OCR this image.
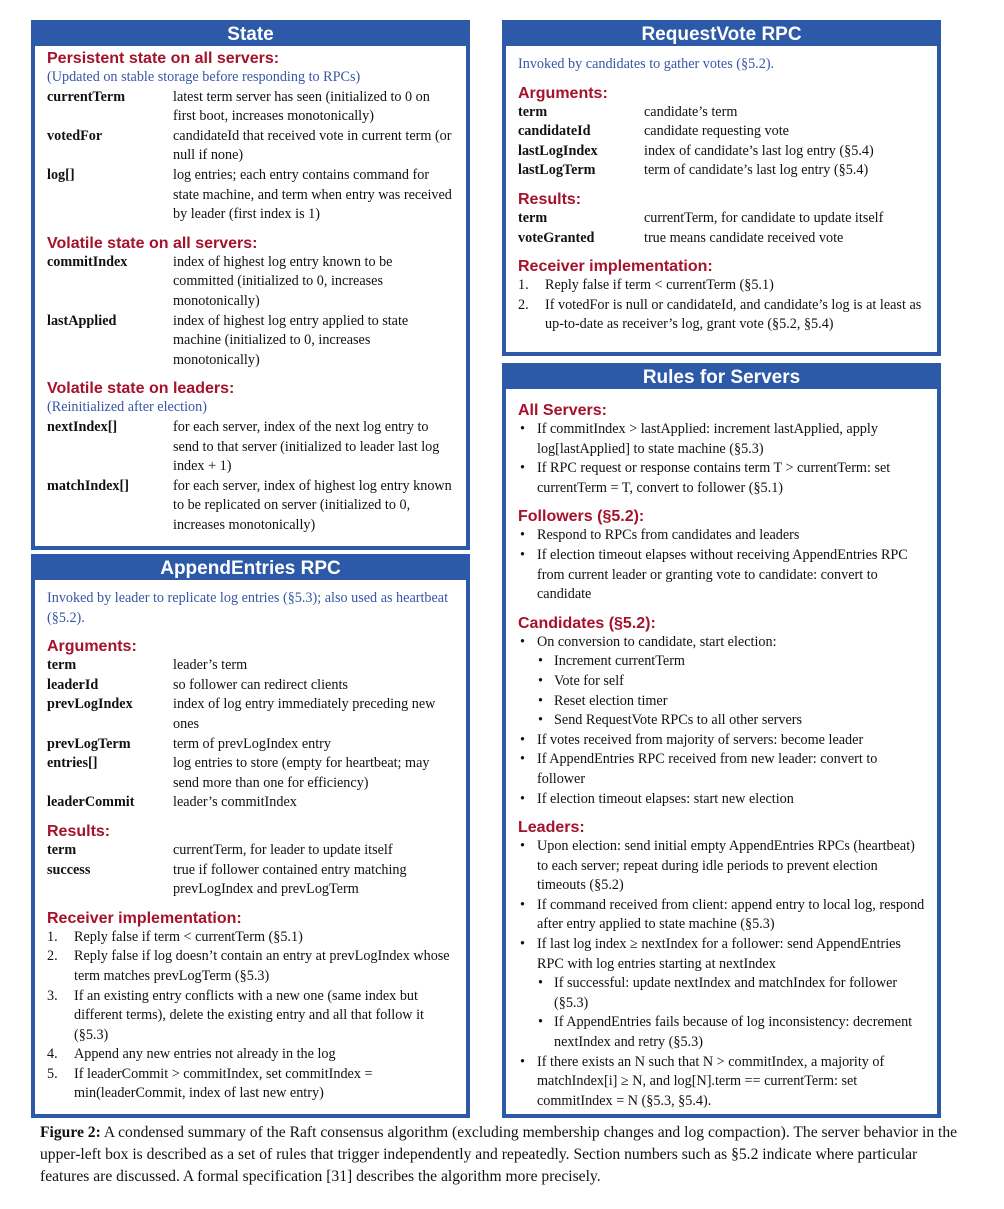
State
Persistent state on all servers:
(Updated on stable storage before responding to RPCs)
currentTerm	latest term server has seen (initialized to 0 on first boot, increases monotonically)
votedFor	candidateId that received vote in current term (or null if none)
log[]	log entries; each entry contains command for state machine, and term when entry was received by leader (first index is 1)
Volatile state on all servers:
commitIndex	index of highest log entry known to be committed (initialized to 0, increases monotonically)
lastApplied	index of highest log entry applied to state machine (initialized to 0, increases monotonically)
Volatile state on leaders:
(Reinitialized after election)
nextIndex[]	for each server, index of the next log entry to send to that server (initialized to leader last log index + 1)
matchIndex[]	for each server, index of highest log entry known to be replicated on server (initialized to 0, increases monotonically)
AppendEntries RPC
Invoked by leader to replicate log entries (§5.3); also used as heartbeat (§5.2).
Arguments:
term	leader’s term
leaderId	so follower can redirect clients
prevLogIndex	index of log entry immediately preceding new ones
prevLogTerm	term of prevLogIndex entry
entries[]	log entries to store (empty for heartbeat; may send more than one for efficiency)
leaderCommit	leader’s commitIndex
Results:
term	currentTerm, for leader to update itself
success	true if follower contained entry matching prevLogIndex and prevLogTerm
Receiver implementation:
1.	Reply false if term < currentTerm (§5.1)
2.	Reply false if log doesn’t contain an entry at prevLogIndex whose term matches prevLogTerm (§5.3)
3.	If an existing entry conflicts with a new one (same index but different terms), delete the existing entry and all that follow it (§5.3)
4.	Append any new entries not already in the log
5.	If leaderCommit > commitIndex, set commitIndex = min(leaderCommit, index of last new entry)
RequestVote RPC
Invoked by candidates to gather votes (§5.2).
Arguments:
term	candidate’s term
candidateId	candidate requesting vote
lastLogIndex	index of candidate’s last log entry (§5.4)
lastLogTerm	term of candidate’s last log entry (§5.4)
Results:
term	currentTerm, for candidate to update itself
voteGranted	true means candidate received vote
Receiver implementation:
1.	Reply false if term < currentTerm (§5.1)
2.	If votedFor is null or candidateId, and candidate’s log is at least as up-to-date as receiver’s log, grant vote (§5.2, §5.4)
Rules for Servers
All Servers:
• If commitIndex > lastApplied: increment lastApplied, apply log[lastApplied] to state machine (§5.3)
• If RPC request or response contains term T > currentTerm: set currentTerm = T, convert to follower (§5.1)
Followers (§5.2):
• Respond to RPCs from candidates and leaders
• If election timeout elapses without receiving AppendEntries RPC from current leader or granting vote to candidate: convert to candidate
Candidates (§5.2):
• On conversion to candidate, start election:
• Increment currentTerm
• Vote for self
• Reset election timer
• Send RequestVote RPCs to all other servers
• If votes received from majority of servers: become leader
• If AppendEntries RPC received from new leader: convert to follower
• If election timeout elapses: start new election
Leaders:
• Upon election: send initial empty AppendEntries RPCs (heartbeat) to each server; repeat during idle periods to prevent election timeouts (§5.2)
• If command received from client: append entry to local log, respond after entry applied to state machine (§5.3)
• If last log index ≥ nextIndex for a follower: send AppendEntries RPC with log entries starting at nextIndex
• If successful: update nextIndex and matchIndex for follower (§5.3)
• If AppendEntries fails because of log inconsistency: decrement nextIndex and retry (§5.3)
• If there exists an N such that N > commitIndex, a majority of matchIndex[i] ≥ N, and log[N].term == currentTerm: set commitIndex = N (§5.3, §5.4).
Figure 2: A condensed summary of the Raft consensus algorithm (excluding membership changes and log compaction). The server behavior in the upper-left box is described as a set of rules that trigger independently and repeatedly. Section numbers such as §5.2 indicate where particular features are discussed. A formal specification [31] describes the algorithm more precisely.
